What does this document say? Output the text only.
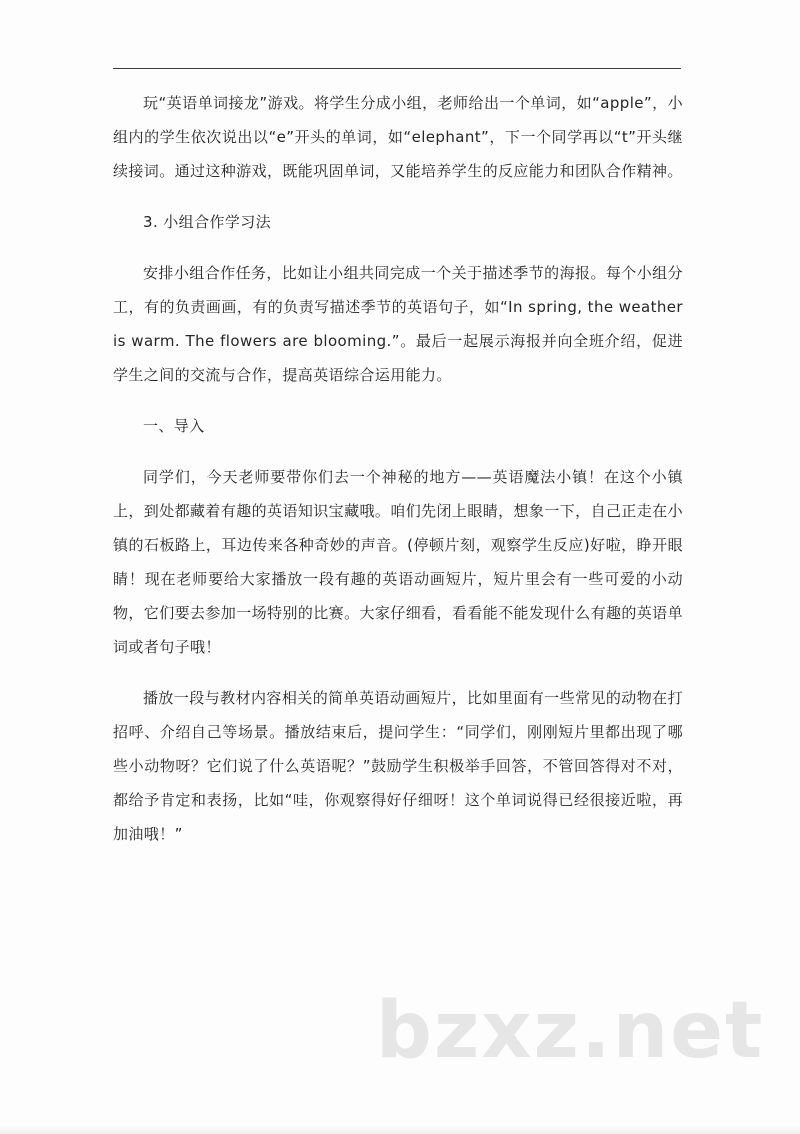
玩“英语单词接龙”游戏。将学生分成小组，老师给出一个单词，如“apple”，小组内的学生依次说出以“e”开头的单词，如“elephant”，下一个同学再以“t”开头继续接词。通过这种游戏，既能巩固单词，又能培养学生的反应能力和团队合作精神。

3. 小组合作学习法

安排小组合作任务，比如让小组共同完成一个关于描述季节的海报。每个小组分工，有的负责画画，有的负责写描述季节的英语句子，如“In spring, the weather is warm. The flowers are blooming.”。最后一起展示海报并向全班介绍，促进学生之间的交流与合作，提高英语综合运用能力。

一、导入

同学们，今天老师要带你们去一个神秘的地方——英语魔法小镇！在这个小镇上，到处都藏着有趣的英语知识宝藏哦。咱们先闭上眼睛，想象一下，自己正走在小镇的石板路上，耳边传来各种奇妙的声音。(停顿片刻，观察学生反应)好啦，睁开眼睛！现在老师要给大家播放一段有趣的英语动画短片，短片里会有一些可爱的小动物，它们要去参加一场特别的比赛。大家仔细看，看看能不能发现什么有趣的英语单词或者句子哦！

播放一段与教材内容相关的简单英语动画短片，比如里面有一些常见的动物在打招呼、介绍自己等场景。播放结束后，提问学生：“同学们，刚刚短片里都出现了哪些小动物呀？它们说了什么英语呢？”鼓励学生积极举手回答，不管回答得对不对，都给予肯定和表扬，比如“哇，你观察得好仔细呀！这个单词说得已经很接近啦，再加油哦！”

bzxz.net
